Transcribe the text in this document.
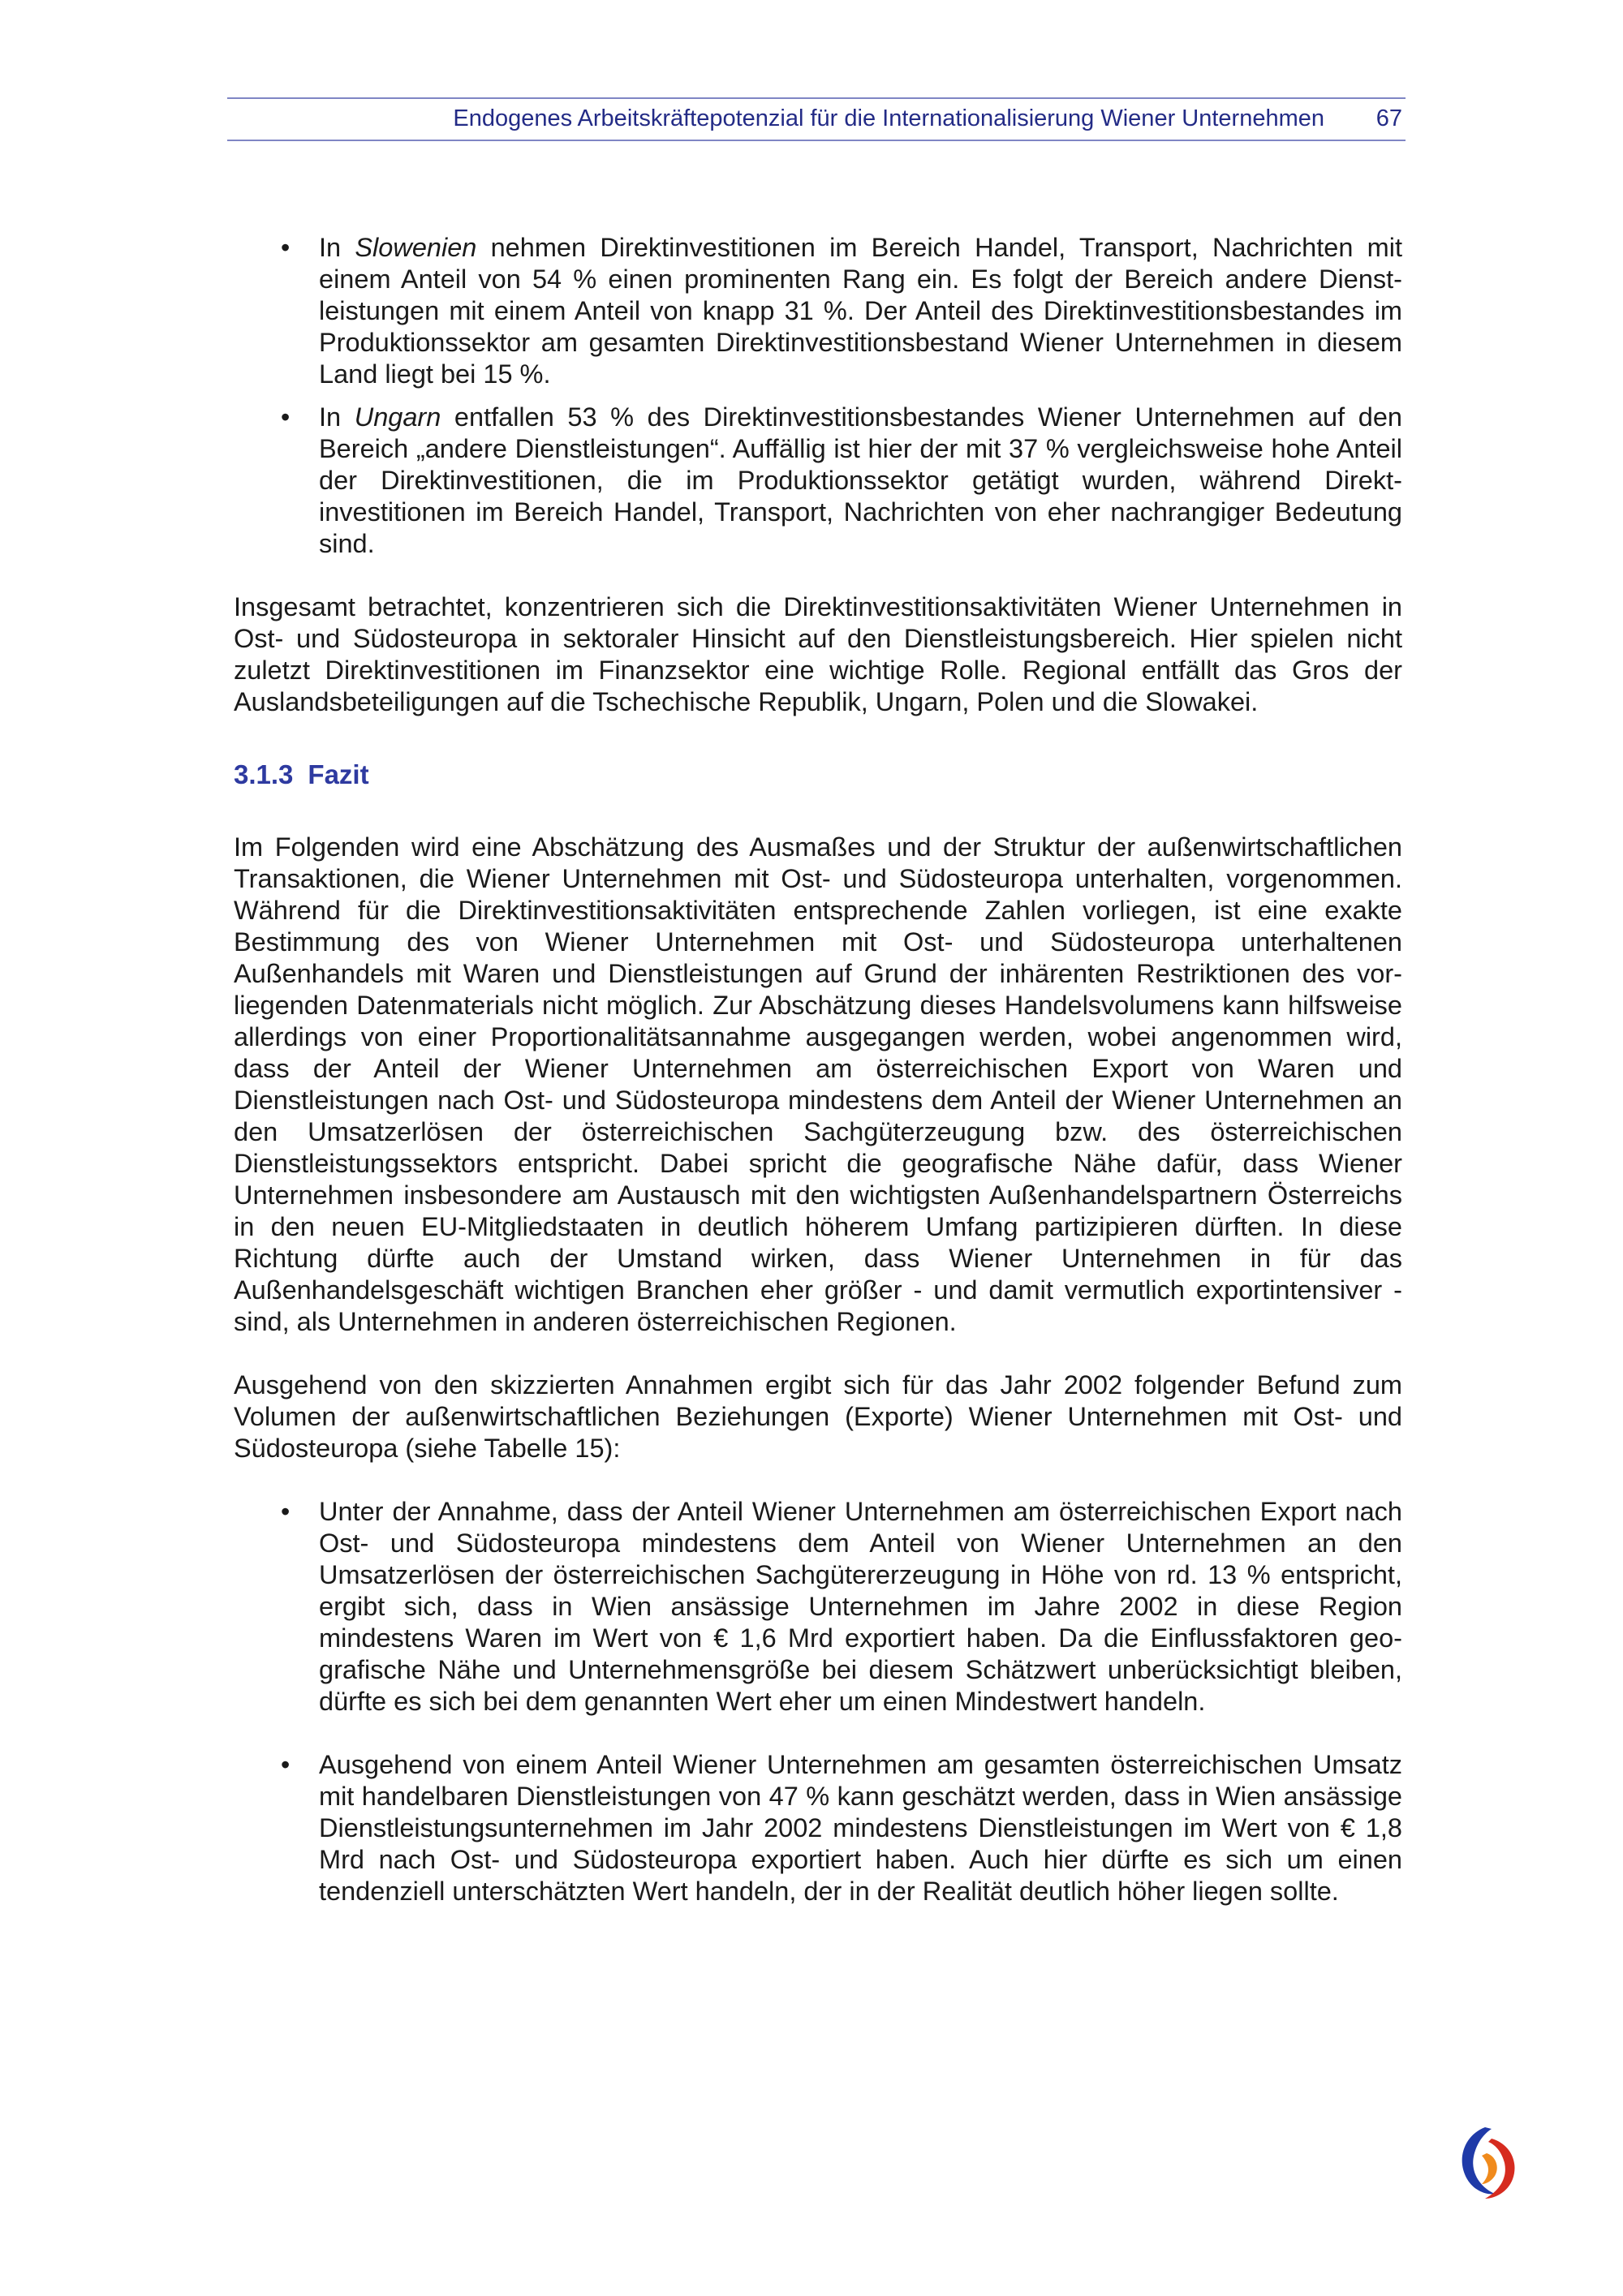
Endogenes Arbeitskräftepotenzial für die Internationalisierung Wiener Unternehmen 67
• In Slowenien nehmen Direktinvestitionen im Bereich Handel, Transport, Nachrichten mit einem Anteil von 54 % einen prominenten Rang ein. Es folgt der Bereich andere Dienstleistungen mit einem Anteil von knapp 31 %. Der Anteil des Direktinvestitionsbestandes im Produktionssektor am gesamten Direktinvestitionsbestand Wiener Unternehmen in diesem Land liegt bei 15 %.
• In Ungarn entfallen 53 % des Direktinvestitionsbestandes Wiener Unternehmen auf den Bereich „andere Dienstleistungen“. Auffällig ist hier der mit 37 % vergleichsweise hohe Anteil der Direktinvestitionen, die im Produktionssektor getätigt wurden, während Direktinvestitionen im Bereich Handel, Transport, Nachrichten von eher nachrangiger Bedeutung sind.

Insgesamt betrachtet, konzentrieren sich die Direktinvestitionsaktivitäten Wiener Unternehmen in Ost- und Südosteuropa in sektoraler Hinsicht auf den Dienstleistungsbereich. Hier spielen nicht zuletzt Direktinvestitionen im Finanzsektor eine wichtige Rolle. Regional entfällt das Gros der Auslandsbeteiligungen auf die Tschechische Republik, Ungarn, Polen und die Slowakei.

3.1.3 Fazit

Im Folgenden wird eine Abschätzung des Ausmaßes und der Struktur der außenwirtschaftlichen Transaktionen, die Wiener Unternehmen mit Ost- und Südosteuropa unterhalten, vorgenommen. Während für die Direktinvestitionsaktivitäten entsprechende Zahlen vorliegen, ist eine exakte Bestimmung des von Wiener Unternehmen mit Ost- und Südosteuropa unterhaltenen Außenhandels mit Waren und Dienstleistungen auf Grund der inhärenten Restriktionen des vorliegenden Datenmaterials nicht möglich. Zur Abschätzung dieses Handelsvolumens kann hilfsweise allerdings von einer Proportionalitätsannahme ausgegangen werden, wobei angenommen wird, dass der Anteil der Wiener Unternehmen am österreichischen Export von Waren und Dienstleistungen nach Ost- und Südosteuropa mindestens dem Anteil der Wiener Unternehmen an den Umsatzerlösen der österreichischen Sachgüterzeugung bzw. des österreichischen Dienstleistungssektors entspricht. Dabei spricht die geografische Nähe dafür, dass Wiener Unternehmen insbesondere am Austausch mit den wichtigsten Außenhandelspartnern Österreichs in den neuen EU-Mitgliedstaaten in deutlich höherem Umfang partizipieren dürften. In diese Richtung dürfte auch der Umstand wirken, dass Wiener Unternehmen in für das Außenhandelsgeschäft wichtigen Branchen eher größer - und damit vermutlich exportintensiver - sind, als Unternehmen in anderen österreichischen Regionen.

Ausgehend von den skizzierten Annahmen ergibt sich für das Jahr 2002 folgender Befund zum Volumen der außenwirtschaftlichen Beziehungen (Exporte) Wiener Unternehmen mit Ost- und Südosteuropa (siehe Tabelle 15):

• Unter der Annahme, dass der Anteil Wiener Unternehmen am österreichischen Export nach Ost- und Südosteuropa mindestens dem Anteil von Wiener Unternehmen an den Umsatzerlösen der österreichischen Sachgütererzeugung in Höhe von rd. 13 % entspricht, ergibt sich, dass in Wien ansässige Unternehmen im Jahre 2002 in diese Region mindestens Waren im Wert von € 1,6 Mrd exportiert haben. Da die Einflussfaktoren geografische Nähe und Unternehmensgröße bei diesem Schätzwert unberücksichtigt bleiben, dürfte es sich bei dem genannten Wert eher um einen Mindestwert handeln.
• Ausgehend von einem Anteil Wiener Unternehmen am gesamten österreichischen Umsatz mit handelbaren Dienstleistungen von 47 % kann geschätzt werden, dass in Wien ansässige Dienstleistungsunternehmen im Jahr 2002 mindestens Dienstleistungen im Wert von € 1,8 Mrd nach Ost- und Südosteuropa exportiert haben. Auch hier dürfte es sich um einen tendenziell unterschätzten Wert handeln, der in der Realität deutlich höher liegen sollte.
